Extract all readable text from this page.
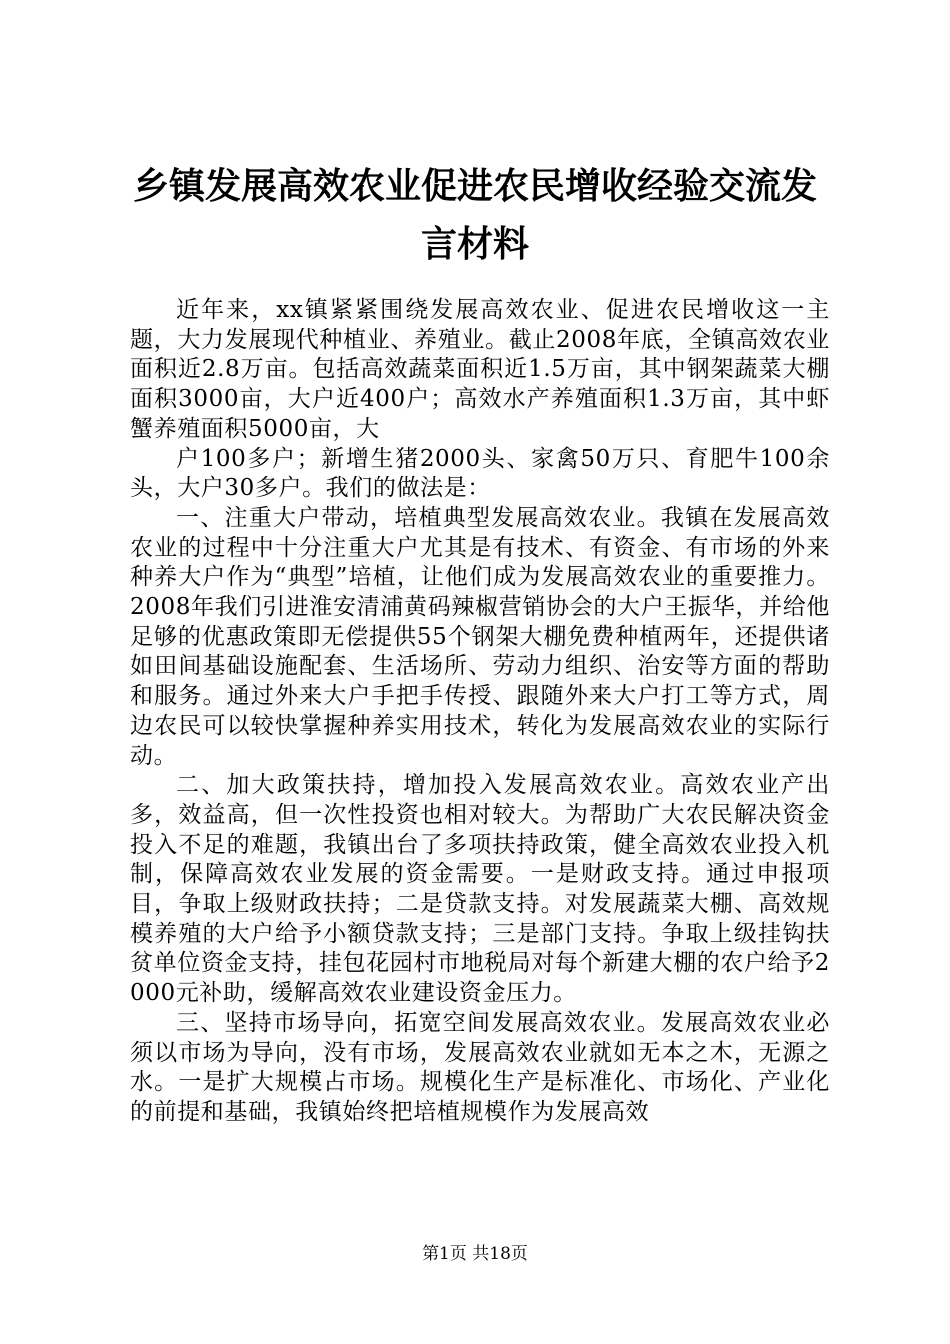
乡镇发展高效农业促进农民增收经验交流发言材料

近年来，xx镇紧紧围绕发展高效农业、促进农民增收这一主题，大力发展现代种植业、养殖业。截止2008年底，全镇高效农业面积近2.8万亩。包括高效蔬菜面积近1.5万亩，其中钢架蔬菜大棚面积3000亩，大户近400户；高效水产养殖面积1.3万亩，其中虾蟹养殖面积5000亩，大

户100多户；新增生猪2000头、家禽50万只、育肥牛100余头，大户30多户。我们的做法是：

一、注重大户带动，培植典型发展高效农业。我镇在发展高效农业的过程中十分注重大户尤其是有技术、有资金、有市场的外来种养大户作为“典型”培植，让他们成为发展高效农业的重要推力。2008年我们引进淮安清浦黄码辣椒营销协会的大户王振华，并给他足够的优惠政策即无偿提供55个钢架大棚免费种植两年，还提供诸如田间基础设施配套、生活场所、劳动力组织、治安等方面的帮助和服务。通过外来大户手把手传授、跟随外来大户打工等方式，周边农民可以较快掌握种养实用技术，转化为发展高效农业的实际行动。

二、加大政策扶持，增加投入发展高效农业。高效农业产出多，效益高，但一次性投资也相对较大。为帮助广大农民解决资金投入不足的难题，我镇出台了多项扶持政策，健全高效农业投入机制，保障高效农业发展的资金需要。一是财政支持。通过申报项目，争取上级财政扶持；二是贷款支持。对发展蔬菜大棚、高效规模养殖的大户给予小额贷款支持；三是部门支持。争取上级挂钩扶贫单位资金支持，挂包花园村市地税局对每个新建大棚的农户给予2000元补助，缓解高效农业建设资金压力。

三、坚持市场导向，拓宽空间发展高效农业。发展高效农业必须以市场为导向，没有市场，发展高效农业就如无本之木，无源之水。一是扩大规模占市场。规模化生产是标准化、市场化、产业化的前提和基础，我镇始终把培植规模作为发展高效

第1页 共18页
